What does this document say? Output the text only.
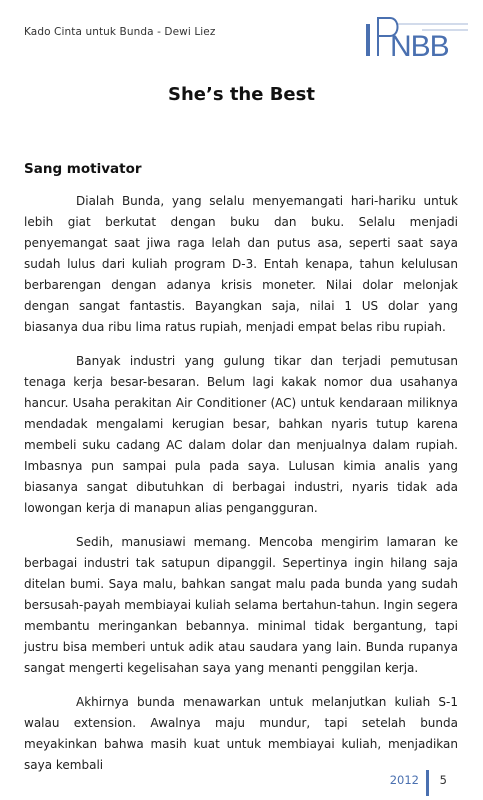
Kado Cinta untuk Bunda - Dewi Liez	NBB
She’s the Best
Sang motivator

Dialah Bunda, yang selalu menyemangati hari-hariku untuk lebih giat berkutat dengan buku dan buku. Selalu menjadi penyemangat saat jiwa raga lelah dan putus asa, seperti saat saya sudah lulus dari kuliah program D-3. Entah kenapa, tahun kelulusan berbarengan dengan adanya krisis moneter. Nilai dolar melonjak dengan sangat fantastis. Bayangkan saja, nilai 1 US dolar yang biasanya dua ribu lima ratus rupiah, menjadi empat belas ribu rupiah.

Banyak industri yang gulung tikar dan terjadi pemutusan tenaga kerja besar-besaran. Belum lagi kakak nomor dua usahanya hancur. Usaha perakitan Air Conditioner (AC) untuk kendaraan miliknya mendadak mengalami kerugian besar, bahkan nyaris tutup karena membeli suku cadang AC dalam dolar dan menjualnya dalam rupiah. Imbasnya pun sampai pula pada saya. Lulusan kimia analis yang biasanya sangat dibutuhkan di berbagai industri, nyaris tidak ada lowongan kerja di manapun alias pengangguran.

Sedih, manusiawi memang. Mencoba mengirim lamaran ke berbagai industri tak satupun dipanggil. Sepertinya ingin hilang saja ditelan bumi. Saya malu, bahkan sangat malu pada bunda yang sudah bersusah-payah membiayai kuliah selama bertahun-tahun. Ingin segera membantu meringankan bebannya. minimal tidak bergantung, tapi justru bisa memberi untuk adik atau saudara yang lain. Bunda rupanya sangat mengerti kegelisahan saya yang menanti penggilan kerja.

Akhirnya bunda menawarkan untuk melanjutkan kuliah S-1 walau extension. Awalnya maju mundur, tapi setelah bunda meyakinkan bahwa masih kuat untuk membiayai kuliah, menjadikan saya kembali

2012 5
